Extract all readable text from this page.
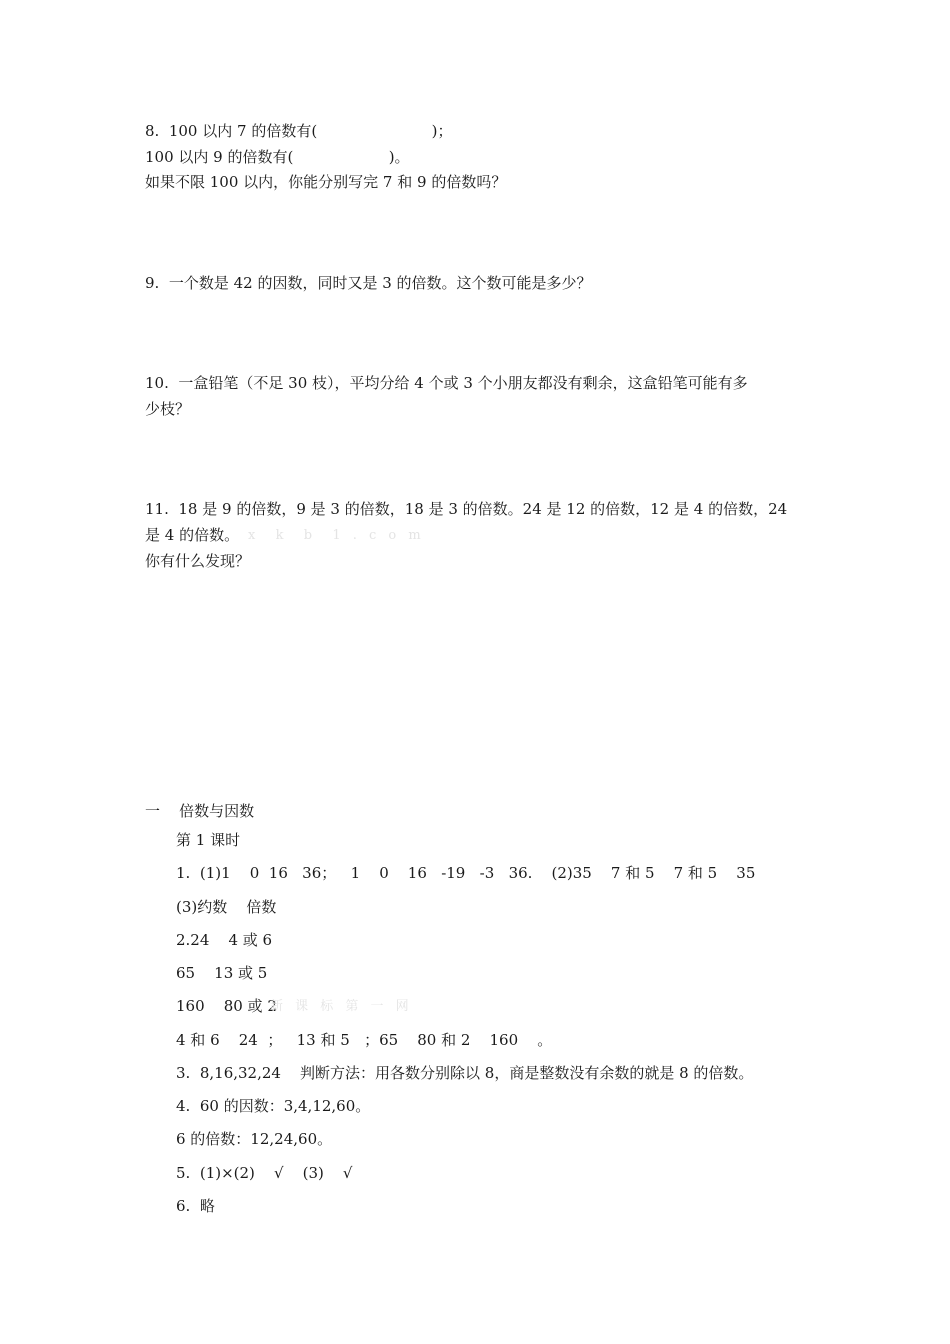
8.  100 以内 7 的倍数有(                        )；
100 以内 9 的倍数有(                    )。
如果不限 100 以内，你能分别写完 7 和 9 的倍数吗？
9.  一个数是 42 的因数，同时又是 3 的倍数。这个数可能是多少？
10.  一盒铅笔（不足 30 枝），平均分给 4 个或 3 个小朋友都没有剩余，这盒铅笔可能有多
少枝？
11.  18 是 9 的倍数，9 是 3 的倍数，18 是 3 的倍数。24 是 12 的倍数，12 是 4 的倍数，24
是 4 的倍数。 x  k  b  1 . c o m
你有什么发现？
一    倍数与因数
第 1 课时
1.  (1)1    0  16   36；   1    0    16   -19   -3   36.    (2)35    7 和 5    7 和 5    35
(3)约数    倍数
2.24    4 或 6
65    13 或 5
160    80 或 2
新 课 标 第 一 网
4 和 6    24  ；   13 和 5   ；65    80 和 2    160    。
3.  8,16,32,24    判断方法：用各数分别除以 8，商是整数没有余数的就是 8 的倍数。
4.  60 的因数：3,4,12,60。
6 的倍数：12,24,60。
5.  (1)×(2)    √    (3)    √
6.  略
